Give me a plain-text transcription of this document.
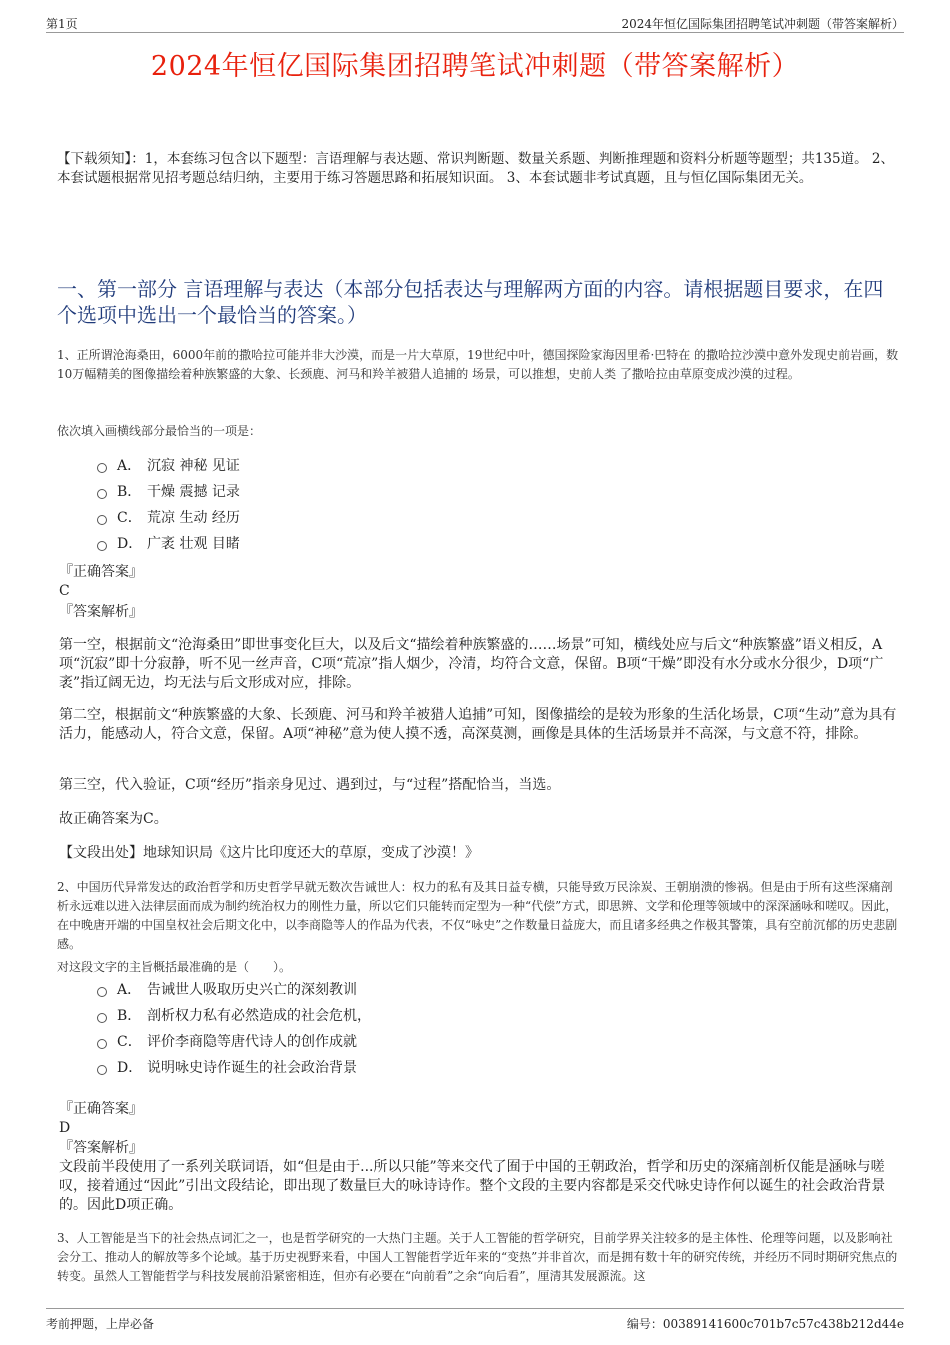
第1页	2024年恒亿国际集团招聘笔试冲刺题（带答案解析）
2024年恒亿国际集团招聘笔试冲刺题（带答案解析）
【下载须知】：1，本套练习包含以下题型：言语理解与表达题、常识判断题、数量关系题、判断推理题和资料分析题等题型；共135道。 2、本套试题根据常见招考题总结归纳，主要用于练习答题思路和拓展知识面。 3、本套试题非考试真题，且与恒亿国际集团无关。
一、第一部分 言语理解与表达（本部分包括表达与理解两方面的内容。请根据题目要求，在四个选项中选出一个最恰当的答案。）
1、正所谓沧海桑田，6000年前的撒哈拉可能并非大沙漠，而是一片大草原，19世纪中叶，德国探险家海因里希·巴特在 的撒哈拉沙漠中意外发现史前岩画，数10万幅精美的图像描绘着种族繁盛的大象、长颈鹿、河马和羚羊被猎人追捕的 场景，可以推想，史前人类 了撒哈拉由草原变成沙漠的过程。
依次填入画横线部分最恰当的一项是：
A． 沉寂 神秘 见证
B． 干燥 震撼 记录
C． 荒凉 生动 经历
D． 广袤 壮观 目睹
『正确答案』
C
『答案解析』
第一空，根据前文“沧海桑田”即世事变化巨大，以及后文“描绘着种族繁盛的……场景”可知，横线处应与后文“种族繁盛”语义相反，A项“沉寂”即十分寂静，听不见一丝声音，C项“荒凉”指人烟少，冷清，均符合文意，保留。B项“干燥”即没有水分或水分很少，D项“广袤”指辽阔无边，均无法与后文形成对应，排除。
第二空，根据前文“种族繁盛的大象、长颈鹿、河马和羚羊被猎人追捕”可知，图像描绘的是较为形象的生活化场景，C项“生动”意为具有活力，能感动人，符合文意，保留。A项“神秘”意为使人摸不透，高深莫测，画像是具体的生活场景并不高深，与文意不符，排除。
第三空，代入验证，C项“经历”指亲身见过、遇到过，与“过程”搭配恰当，当选。
故正确答案为C。
【文段出处】地球知识局《这片比印度还大的草原，变成了沙漠！》
2、中国历代异常发达的政治哲学和历史哲学早就无数次告诫世人：权力的私有及其日益专横，只能导致万民涂炭、王朝崩溃的惨祸。但是由于所有这些深痛剖析永远难以进入法律层面而成为制约统治权力的刚性力量，所以它们只能转而定型为一种“代偿”方式，即思辨、文学和伦理等领域中的深深涵咏和嗟叹。因此，在中晚唐开端的中国皇权社会后期文化中，以李商隐等人的作品为代表，不仅“咏史”之作数量日益庞大，而且诸多经典之作极其警策，具有空前沉郁的历史悲剧感。
对这段文字的主旨概括最准确的是（　　）。
A． 告诫世人吸取历史兴亡的深刻教训
B． 剖析权力私有必然造成的社会危机，
C． 评价李商隐等唐代诗人的创作成就
D． 说明咏史诗作诞生的社会政治背景
『正确答案』
D
『答案解析』
文段前半段使用了一系列关联词语，如“但是由于...所以只能”等来交代了囿于中国的王朝政治，哲学和历史的深痛剖析仅能是涵咏与嗟叹，接着通过“因此”引出文段结论，即出现了数量巨大的咏诗诗作。整个文段的主要内容都是采交代咏史诗作何以诞生的社会政治背景的。因此D项正确。
3、人工智能是当下的社会热点词汇之一，也是哲学研究的一大热门主题。关于人工智能的哲学研究，目前学界关注较多的是主体性、伦理等问题，以及影响社会分工、推动人的解放等多个论域。基于历史视野来看，中国人工智能哲学近年来的“变热”并非首次，而是拥有数十年的研究传统，并经历不同时期研究焦点的转变。虽然人工智能哲学与科技发展前沿紧密相连，但亦有必要在“向前看”之余“向后看”，厘清其发展源流。这
考前押题，上岸必备	编号：00389141600c701b7c57c438b212d44e
